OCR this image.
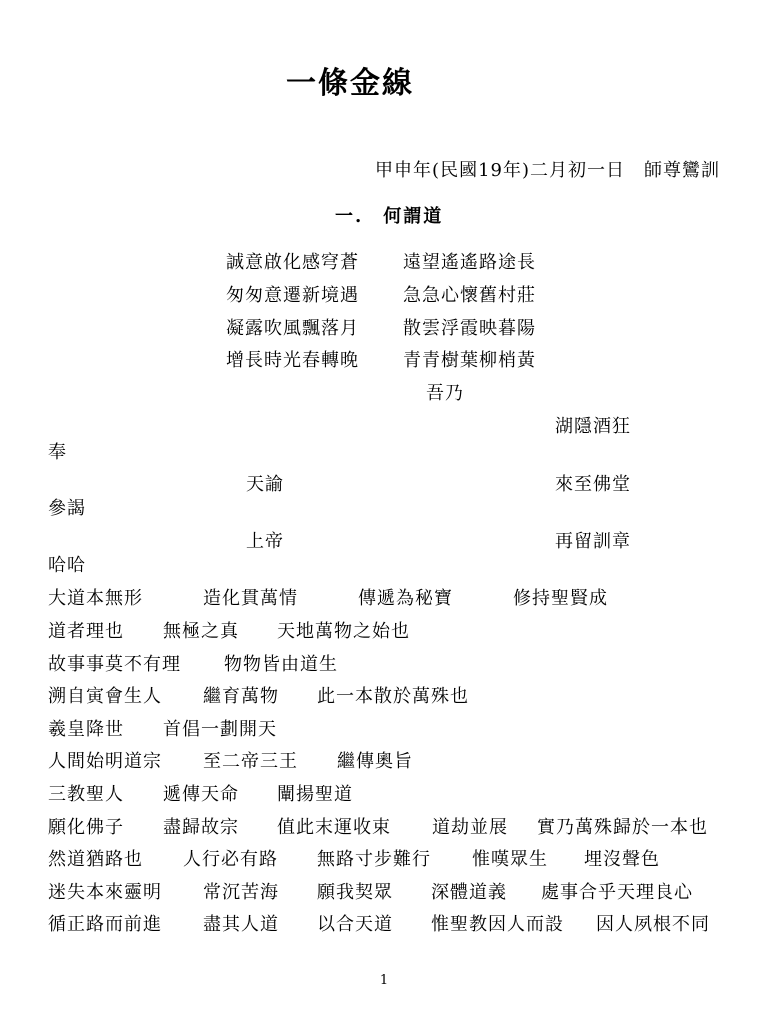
一條金線
甲申年(民國19年)二月初一日　師尊鸞訓
一.　何謂道
誠意啟化感穹蒼 遠望遙遙路途長
匆匆意遷新境遇 急急心懷舊村莊
凝露吹風飄落月 散雲浮霞映暮陽
增長時光春轉晚 青青樹葉柳梢黃
吾乃
湖隱酒狂
奉
天諭	來至佛堂
參謁
上帝	再留訓章
哈哈
大道本無形	造化貫萬情	傳遞為秘寶	修持聖賢成
道者理也 無極之真 天地萬物之始也
故事事莫不有理 物物皆由道生
溯自寅會生人 繼育萬物 此一本散於萬殊也
羲皇降世 首倡一劃開天
人間始明道宗 至二帝三王 繼傳奧旨
三教聖人 遞傳天命 闡揚聖道
願化佛子 盡歸故宗 值此末運收束 道劫並展 實乃萬殊歸於一本也
然道猶路也 人行必有路 無路寸步難行 惟嘆眾生 埋沒聲色
迷失本來靈明 常沉苦海 願我契眾 深體道義 處事合乎天理良心
循正路而前進 盡其人道 以合天道 惟聖教因人而設 因人夙根不同
1
